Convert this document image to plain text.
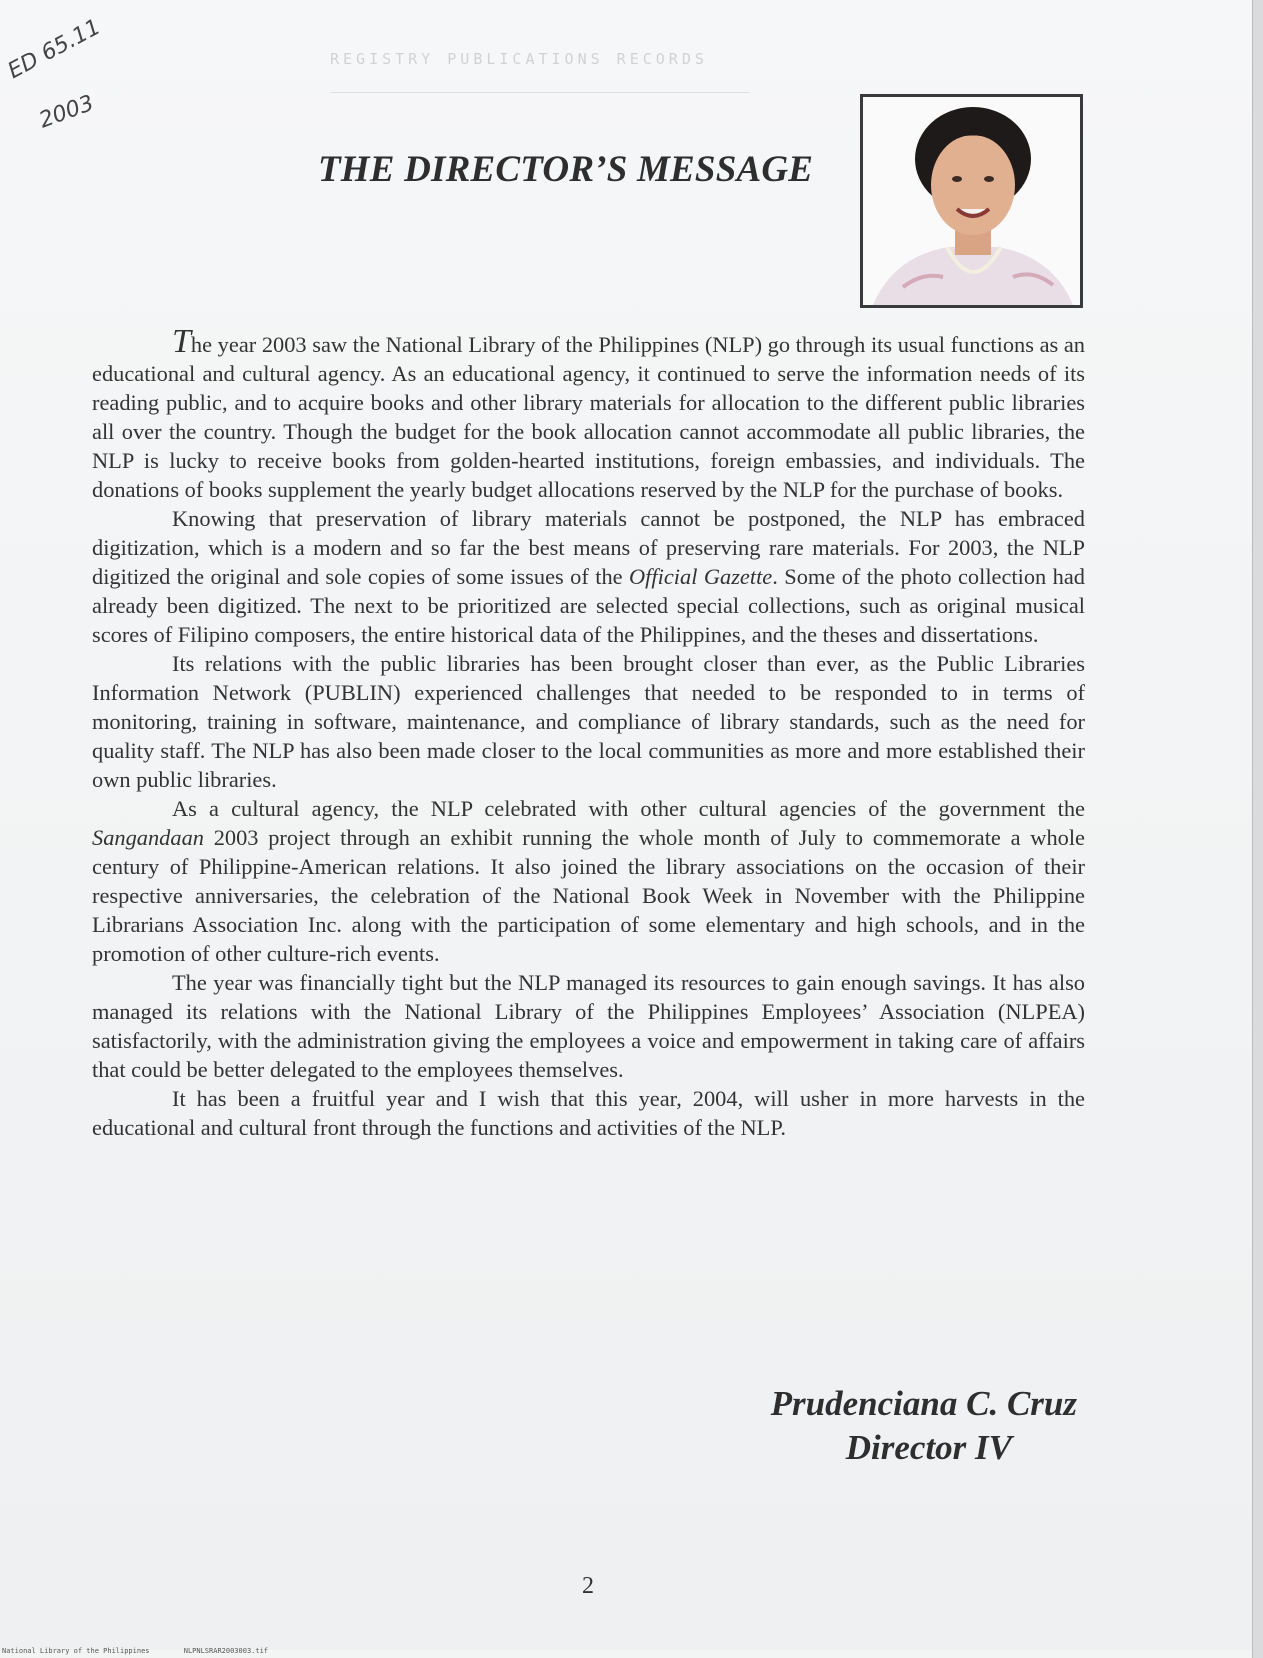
ED 65.11
2003
REGISTRY PUBLICATIONS RECORDS
THE DIRECTOR’S MESSAGE

The year 2003 saw the National Library of the Philippines (NLP) go through its usual functions as an educational and cultural agency. As an educational agency, it continued to serve the information needs of its reading public, and to acquire books and other library materials for allocation to the different public libraries all over the country. Though the budget for the book allocation cannot accommodate all public libraries, the NLP is lucky to receive books from golden-hearted institutions, foreign embassies, and individuals. The donations of books supplement the yearly budget allocations reserved by the NLP for the purchase of books.

Knowing that preservation of library materials cannot be postponed, the NLP has embraced digitization, which is a modern and so far the best means of preserving rare materials. For 2003, the NLP digitized the original and sole copies of some issues of the Official Gazette. Some of the photo collection had already been digitized. The next to be prioritized are selected special collections, such as original musical scores of Filipino composers, the entire historical data of the Philippines, and the theses and dissertations.

Its relations with the public libraries has been brought closer than ever, as the Public Libraries Information Network (PUBLIN) experienced challenges that needed to be responded to in terms of monitoring, training in software, maintenance, and compliance of library standards, such as the need for quality staff. The NLP has also been made closer to the local communities as more and more established their own public libraries.

As a cultural agency, the NLP celebrated with other cultural agencies of the government the Sangandaan 2003 project through an exhibit running the whole month of July to commemorate a whole century of Philippine-American relations. It also joined the library associations on the occasion of their respective anniversaries, the celebration of the National Book Week in November with the Philippine Librarians Association Inc. along with the participation of some elementary and high schools, and in the promotion of other culture-rich events.

The year was financially tight but the NLP managed its resources to gain enough savings. It has also managed its relations with the National Library of the Philippines Employees’ Association (NLPEA) satisfactorily, with the administration giving the employees a voice and empowerment in taking care of affairs that could be better delegated to the employees themselves.

It has been a fruitful year and I wish that this year, 2004, will usher in more harvests in the educational and cultural front through the functions and activities of the NLP.

Prudenciana C. Cruz
Director IV
2
National Library of the Philippines	NLPNLSRAR2003003.tif
